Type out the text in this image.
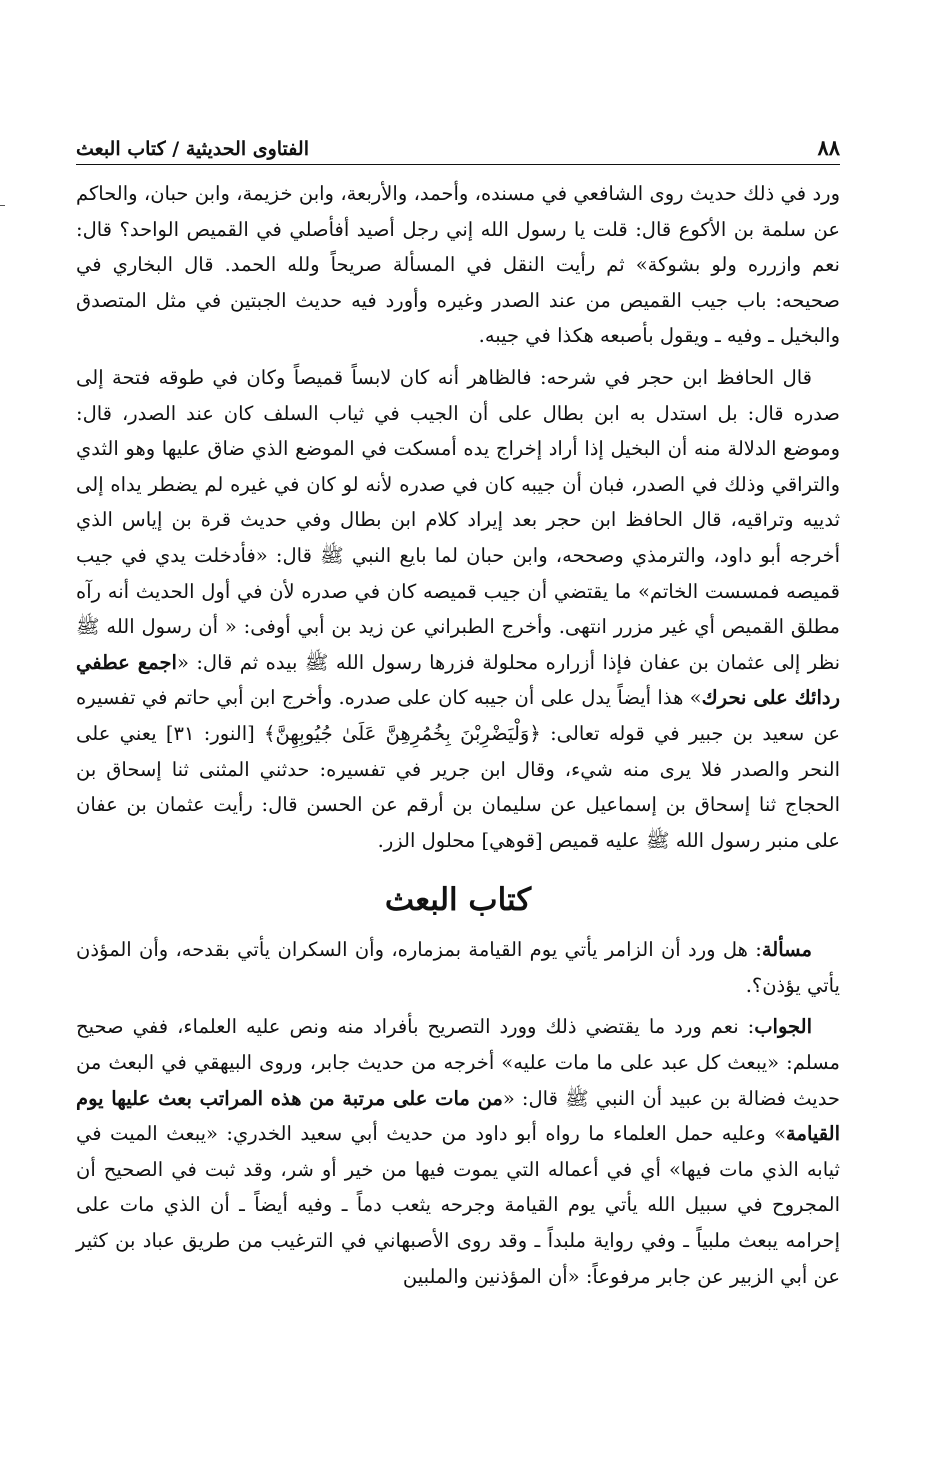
٨٨
الفتاوى الحديثية / كتاب البعث

ورد في ذلك حديث روى الشافعي في مسنده، وأحمد، والأربعة، وابن خزيمة، وابن حبان، والحاكم عن سلمة بن الأكوع قال: قلت يا رسول الله إني رجل أصيد أفأصلي في القميص الواحد؟ قال: نعم وازرره ولو بشوكة» ثم رأيت النقل في المسألة صريحاً ولله الحمد. قال البخاري في صحيحه: باب جيب القميص من عند الصدر وغيره وأورد فيه حديث الجبتين في مثل المتصدق والبخيل ـ وفيه ـ ويقول بأصبعه هكذا في جيبه.

قال الحافظ ابن حجر في شرحه: فالظاهر أنه كان لابساً قميصاً وكان في طوقه فتحة إلى صدره قال: بل استدل به ابن بطال على أن الجيب في ثياب السلف كان عند الصدر، قال: وموضع الدلالة منه أن البخيل إذا أراد إخراج يده أمسكت في الموضع الذي ضاق عليها وهو الثدي والتراقي وذلك في الصدر، فبان أن جيبه كان في صدره لأنه لو كان في غيره لم يضطر يداه إلى ثدييه وتراقيه، قال الحافظ ابن حجر بعد إيراد كلام ابن بطال وفي حديث قرة بن إياس الذي أخرجه أبو داود، والترمذي وصححه، وابن حبان لما بايع النبي ﷺ قال: «فأدخلت يدي في جيب قميصه فمسست الخاتم» ما يقتضي أن جيب قميصه كان في صدره لأن في أول الحديث أنه رآه مطلق القميص أي غير مزرر انتهى. وأخرج الطبراني عن زيد بن أبي أوفى: « أن رسول الله ﷺ نظر إلى عثمان بن عفان فإذا أزراره محلولة فزرها رسول الله ﷺ بيده ثم قال: «اجمع عطفي ردائك على نحرك» هذا أيضاً يدل على أن جيبه كان على صدره. وأخرج ابن أبي حاتم في تفسيره عن سعيد بن جبير في قوله تعالى: ﴿وَلْيَضْرِبْنَ بِخُمُرِهِنَّ عَلَىٰ جُيُوبِهِنَّ﴾ [النور: ٣١] يعني على النحر والصدر فلا يرى منه شيء، وقال ابن جرير في تفسيره: حدثني المثنى ثنا إسحاق بن الحجاج ثنا إسحاق بن إسماعيل عن سليمان بن أرقم عن الحسن قال: رأيت عثمان بن عفان على منبر رسول الله ﷺ عليه قميص [قوهي] محلول الزر.

كتاب البعث

مسألة: هل ورد أن الزامر يأتي يوم القيامة بمزماره، وأن السكران يأتي بقدحه، وأن المؤذن يأتي يؤذن؟.

الجواب: نعم ورد ما يقتضي ذلك وورد التصريح بأفراد منه ونص عليه العلماء، ففي صحيح مسلم: «يبعث كل عبد على ما مات عليه» أخرجه من حديث جابر، وروى البيهقي في البعث من حديث فضالة بن عبيد أن النبي ﷺ قال: «من مات على مرتبة من هذه المراتب بعث عليها يوم القيامة» وعليه حمل العلماء ما رواه أبو داود من حديث أبي سعيد الخدري: «يبعث الميت في ثيابه الذي مات فيها» أي في أعماله التي يموت فيها من خير أو شر، وقد ثبت في الصحيح أن المجروح في سبيل الله يأتي يوم القيامة وجرحه يثعب دماً ـ وفيه أيضاً ـ أن الذي مات على إحرامه يبعث ملبياً ـ وفي رواية ملبداً ـ وقد روى الأصبهاني في الترغيب من طريق عباد بن كثير عن أبي الزبير عن جابر مرفوعاً: «أن المؤذنين والملبين
